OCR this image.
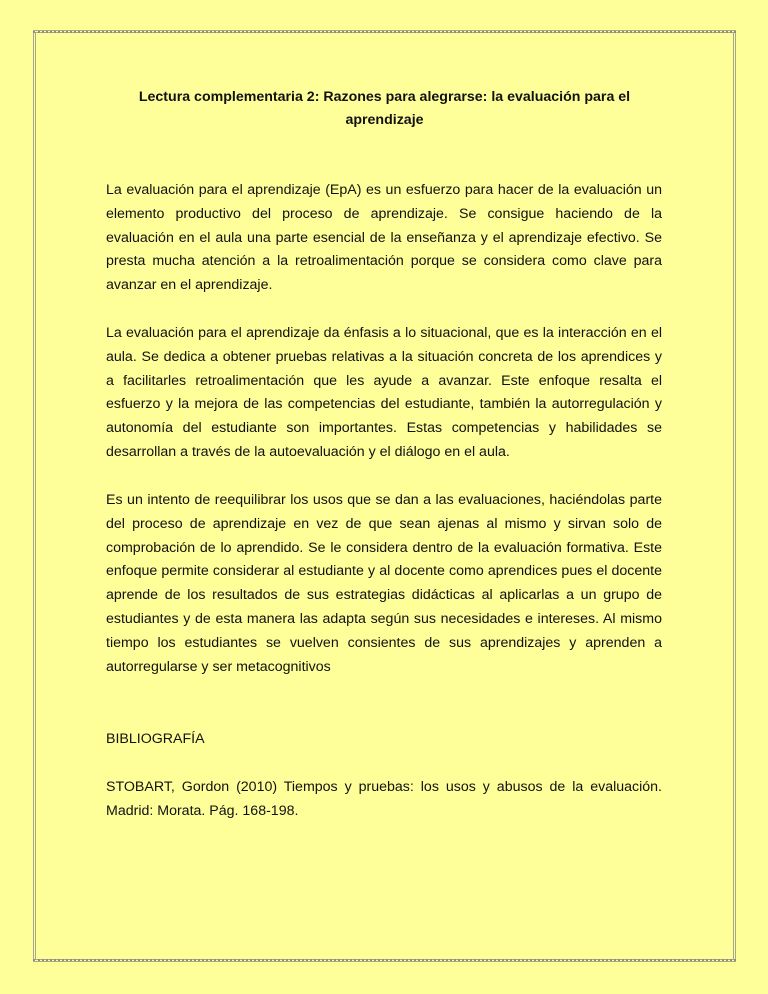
Lectura complementaria 2: Razones para alegrarse: la evaluación para el aprendizaje

La evaluación para el aprendizaje (EpA) es un esfuerzo para hacer de la evaluación un elemento productivo del proceso de aprendizaje. Se consigue haciendo de la evaluación en el aula una parte esencial de la enseñanza y el aprendizaje efectivo. Se presta mucha atención a la retroalimentación porque se considera como clave para avanzar en el aprendizaje.

La evaluación para el aprendizaje da énfasis a lo situacional, que es la interacción en el aula. Se dedica a obtener pruebas relativas a la situación concreta de los aprendices y a facilitarles retroalimentación que les ayude a avanzar. Este enfoque resalta el esfuerzo y la mejora de las competencias del estudiante, también la autorregulación y autonomía del estudiante son importantes. Estas competencias y habilidades se desarrollan a través de la autoevaluación y el diálogo en el aula.

Es un intento de reequilibrar los usos que se dan a las evaluaciones, haciéndolas parte del proceso de aprendizaje en vez de que sean ajenas al mismo y sirvan solo de comprobación de lo aprendido. Se le considera dentro de la evaluación formativa. Este enfoque permite considerar al estudiante y al docente como aprendices pues el docente aprende de los resultados de sus estrategias didácticas al aplicarlas a un grupo de estudiantes y de esta manera las adapta según sus necesidades e intereses. Al mismo tiempo los estudiantes se vuelven consientes de sus aprendizajes y aprenden a autorregularse y ser metacognitivos

BIBLIOGRAFÍA

STOBART, Gordon (2010) Tiempos y pruebas: los usos y abusos de la evaluación. Madrid: Morata. Pág. 168-198.
